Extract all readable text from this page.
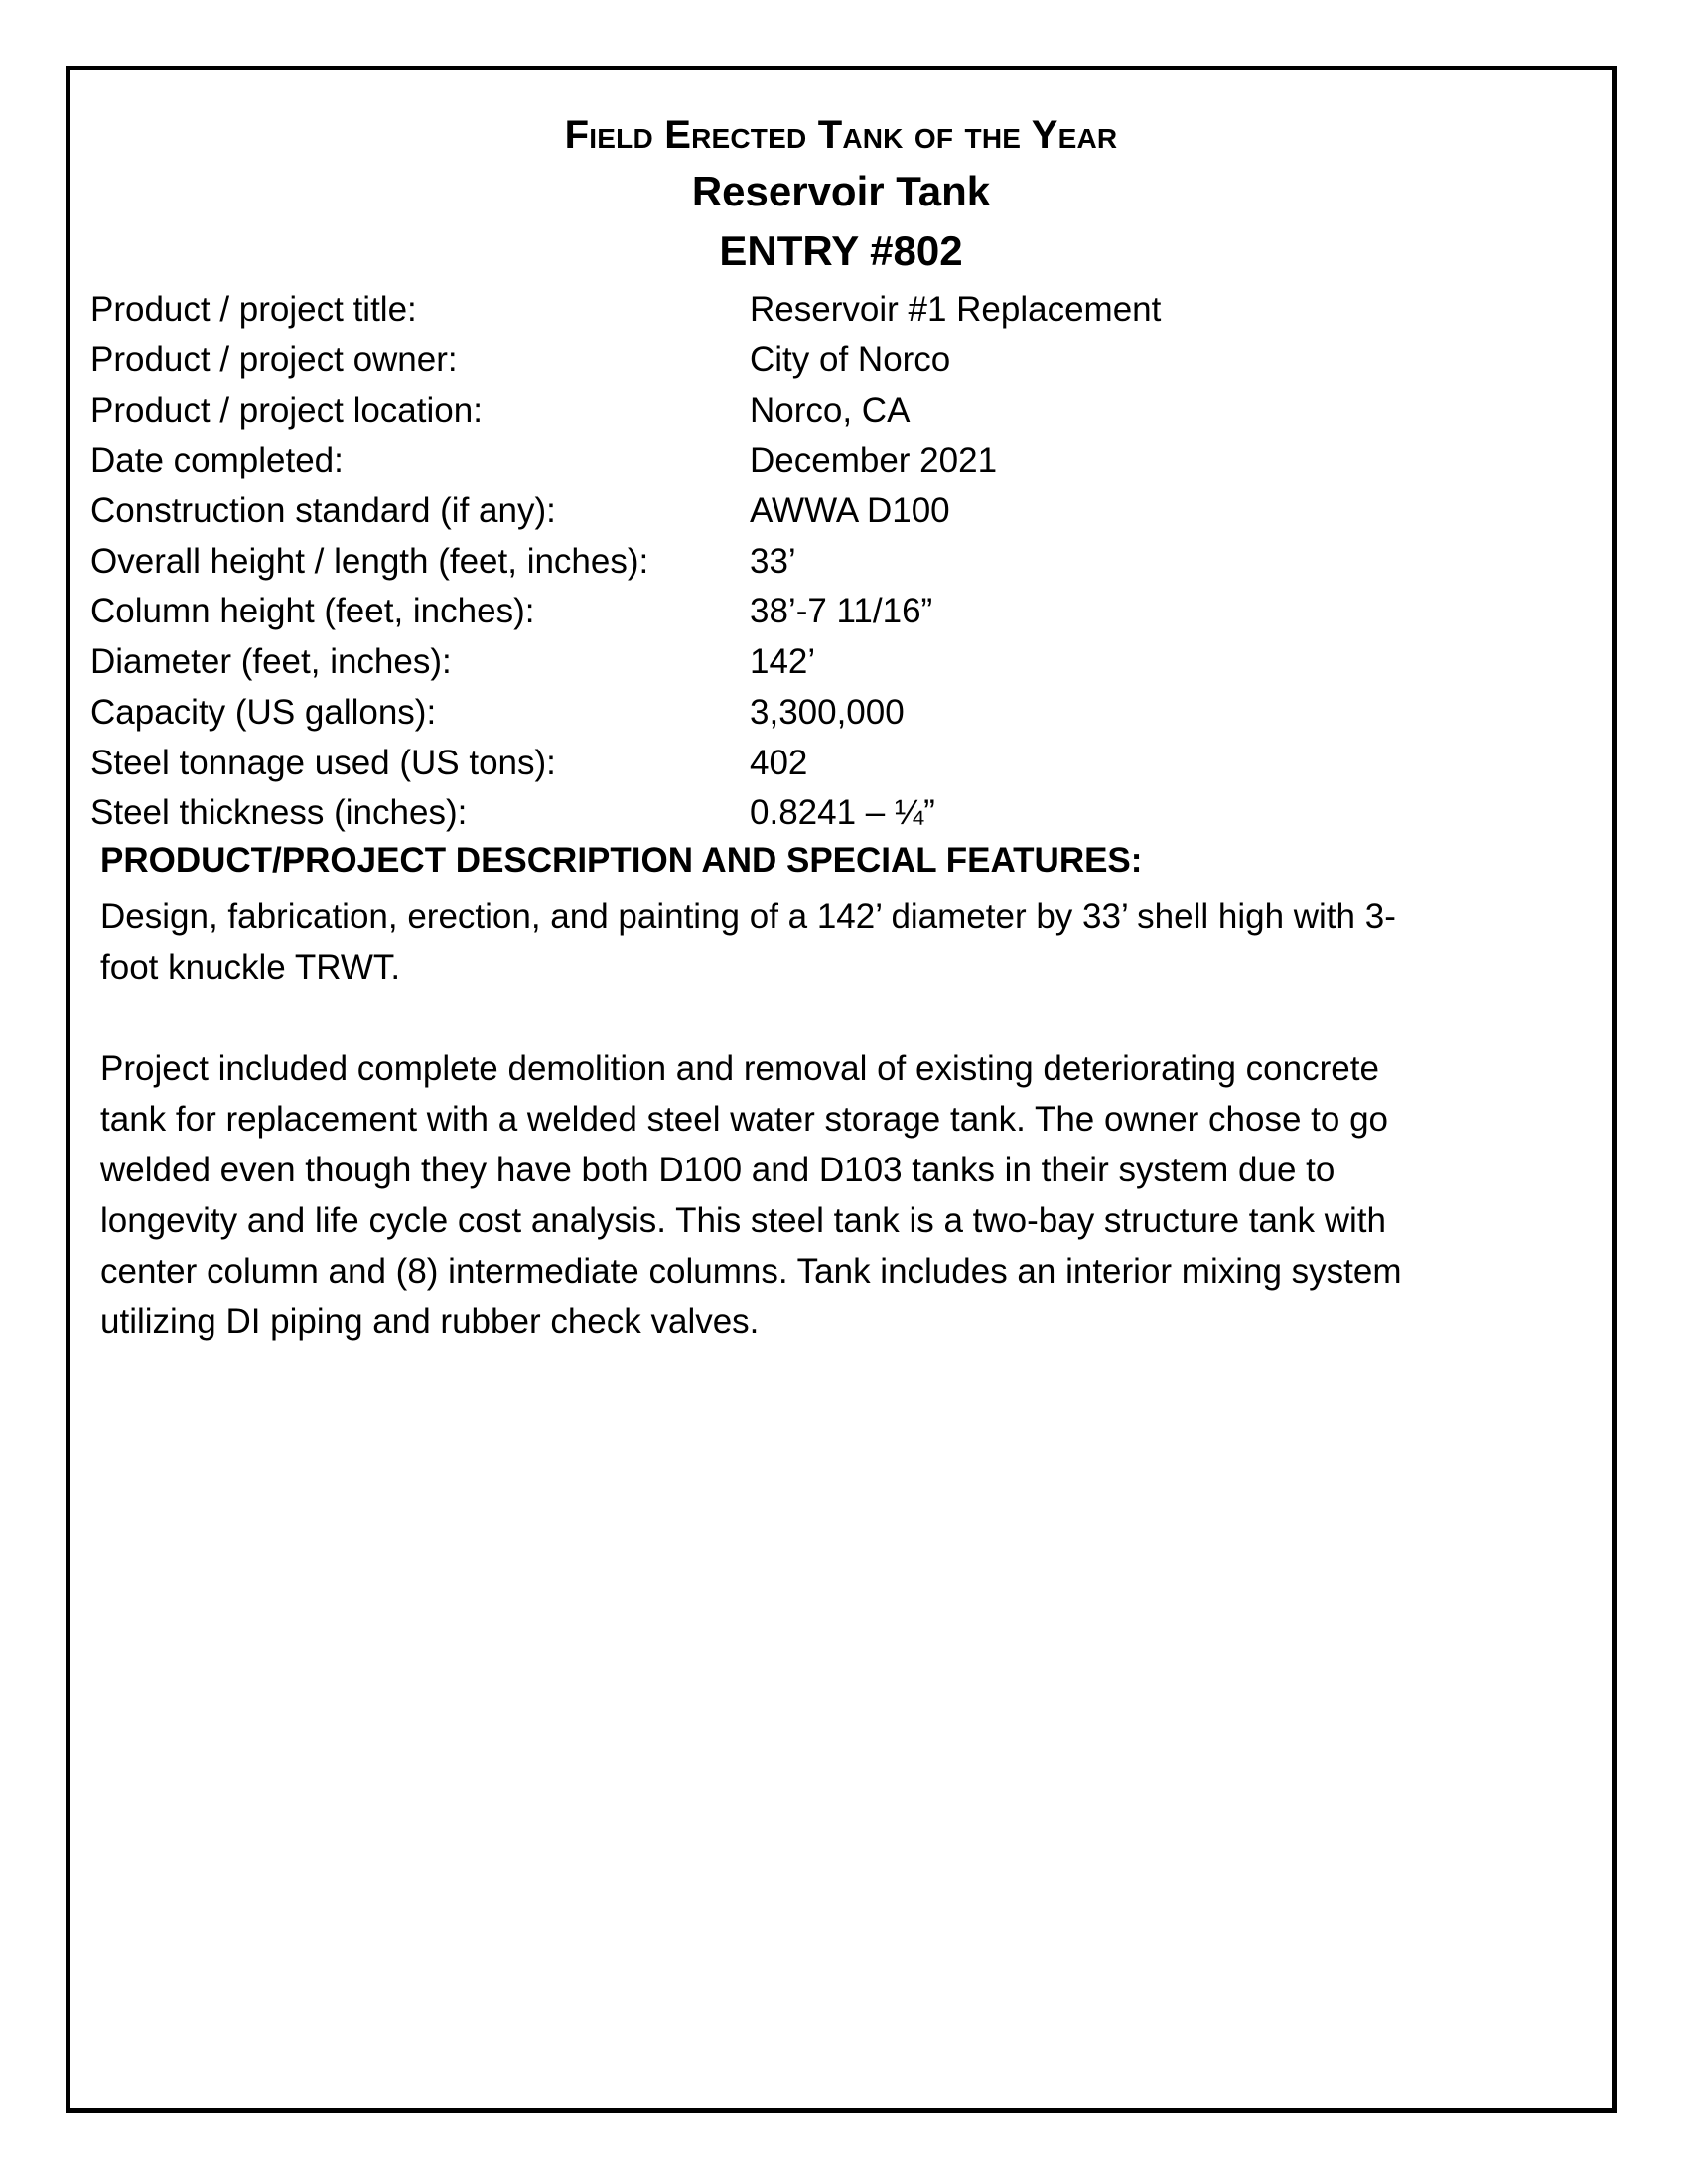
Field Erected Tank of the Year
Reservoir Tank
ENTRY #802
Product / project title:	Reservoir #1 Replacement
Product / project owner:	City of Norco
Product / project location:	Norco, CA
Date completed:	December 2021
Construction standard (if any):	AWWA D100
Overall height / length (feet, inches):	33’
Column height (feet, inches):	38’-7 11/16”
Diameter (feet, inches):	142’
Capacity (US gallons):	3,300,000
Steel tonnage used (US tons):	402
Steel thickness (inches):	0.8241 – ¼”
PRODUCT/PROJECT DESCRIPTION AND SPECIAL FEATURES:
Design, fabrication, erection, and painting of a 142’ diameter by 33’ shell high with 3-
foot knuckle TRWT.
Project included complete demolition and removal of existing deteriorating concrete
tank for replacement with a welded steel water storage tank. The owner chose to go
welded even though they have both D100 and D103 tanks in their system due to
longevity and life cycle cost analysis. This steel tank is a two-bay structure tank with
center column and (8) intermediate columns. Tank includes an interior mixing system
utilizing DI piping and rubber check valves.
